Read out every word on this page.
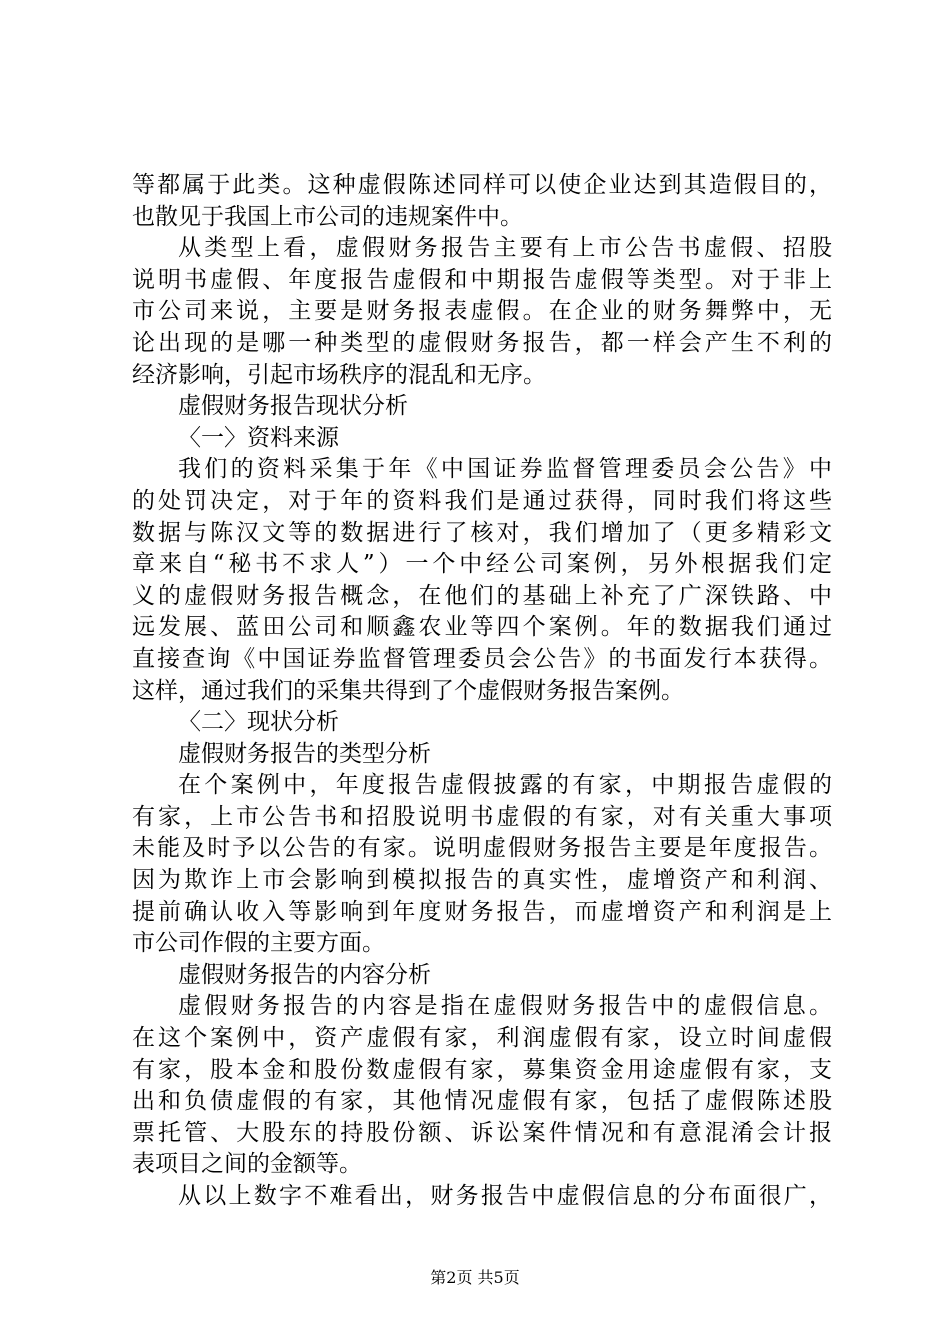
等都属于此类。这种虚假陈述同样可以使企业达到其造假目的，
也散见于我国上市公司的违规案件中。
从类型上看，虚假财务报告主要有上市公告书虚假、招股
说明书虚假、年度报告虚假和中期报告虚假等类型。对于非上
市公司来说，主要是财务报表虚假。在企业的财务舞弊中，无
论出现的是哪一种类型的虚假财务报告，都一样会产生不利的
经济影响，引起市场秩序的混乱和无序。
虚假财务报告现状分析
〈一〉资料来源
我们的资料采集于年《中国证券监督管理委员会公告》中
的处罚决定，对于年的资料我们是通过获得，同时我们将这些
数据与陈汉文等的数据进行了核对，我们增加了（更多精彩文
章来自“秘书不求人”）一个中经公司案例，另外根据我们定
义的虚假财务报告概念，在他们的基础上补充了广深铁路、中
远发展、蓝田公司和顺鑫农业等四个案例。年的数据我们通过
直接查询《中国证券监督管理委员会公告》的书面发行本获得。
这样，通过我们的采集共得到了个虚假财务报告案例。
〈二〉现状分析
虚假财务报告的类型分析
在个案例中，年度报告虚假披露的有家，中期报告虚假的
有家，上市公告书和招股说明书虚假的有家，对有关重大事项
未能及时予以公告的有家。说明虚假财务报告主要是年度报告。
因为欺诈上市会影响到模拟报告的真实性，虚增资产和利润、
提前确认收入等影响到年度财务报告，而虚增资产和利润是上
市公司作假的主要方面。
虚假财务报告的内容分析
虚假财务报告的内容是指在虚假财务报告中的虚假信息。
在这个案例中，资产虚假有家，利润虚假有家，设立时间虚假
有家，股本金和股份数虚假有家，募集资金用途虚假有家，支
出和负债虚假的有家，其他情况虚假有家，包括了虚假陈述股
票托管、大股东的持股份额、诉讼案件情况和有意混淆会计报
表项目之间的金额等。
从以上数字不难看出，财务报告中虚假信息的分布面很广，
第2页 共5页
